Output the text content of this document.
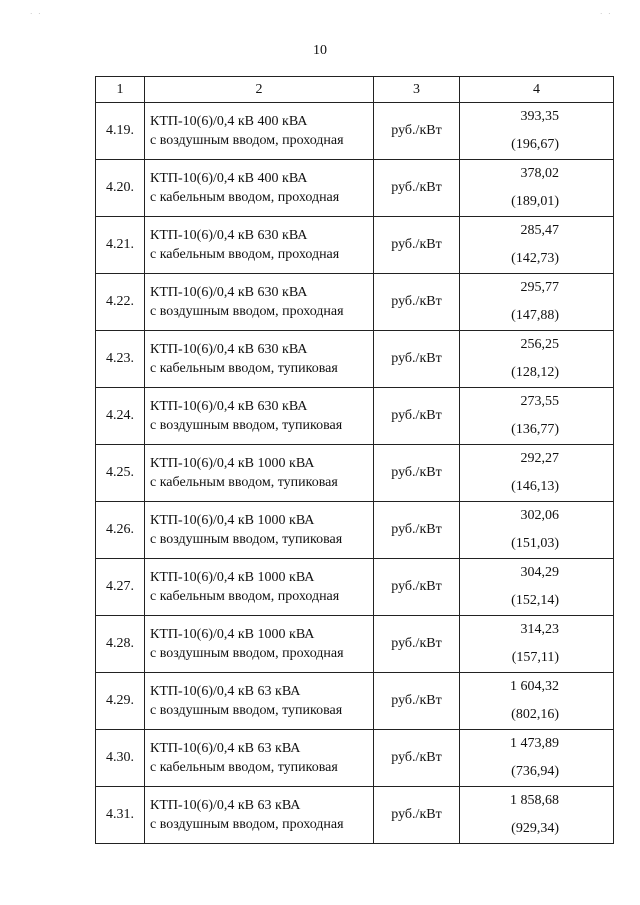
· ·	· ·
10
1	2	3	4
4.19.	КТП-10(6)/0,4 кВ 400 кВА
с воздушным вводом, проходная	руб./кВт	393,35
(196,67)

4.20.	КТП-10(6)/0,4 кВ 400 кВА
с кабельным вводом, проходная	руб./кВт	378,02
(189,01)

4.21.	КТП-10(6)/0,4 кВ 630 кВА
с кабельным вводом, проходная	руб./кВт	285,47
(142,73)

4.22.	КТП-10(6)/0,4 кВ 630 кВА
с воздушным вводом, проходная	руб./кВт	295,77
(147,88)

4.23.	КТП-10(6)/0,4 кВ 630 кВА
с кабельным вводом, тупиковая	руб./кВт	256,25
(128,12)

4.24.	КТП-10(6)/0,4 кВ 630 кВА
с воздушным вводом, тупиковая	руб./кВт	273,55
(136,77)

4.25.	КТП-10(6)/0,4 кВ 1000 кВА
с кабельным вводом, тупиковая	руб./кВт	292,27
(146,13)

4.26.	КТП-10(6)/0,4 кВ 1000 кВА
с воздушным вводом, тупиковая	руб./кВт	302,06
(151,03)

4.27.	КТП-10(6)/0,4 кВ 1000 кВА
с кабельным вводом, проходная	руб./кВт	304,29
(152,14)

4.28.	КТП-10(6)/0,4 кВ 1000 кВА
с воздушным вводом, проходная	руб./кВт	314,23
(157,11)

4.29.	КТП-10(6)/0,4 кВ 63 кВА
с воздушным вводом, тупиковая	руб./кВт	1 604,32
(802,16)

4.30.	КТП-10(6)/0,4 кВ 63 кВА
с кабельным вводом, тупиковая	руб./кВт	1 473,89
(736,94)

4.31.	КТП-10(6)/0,4 кВ 63 кВА
с воздушным вводом, проходная	руб./кВт	1 858,68
(929,34)
